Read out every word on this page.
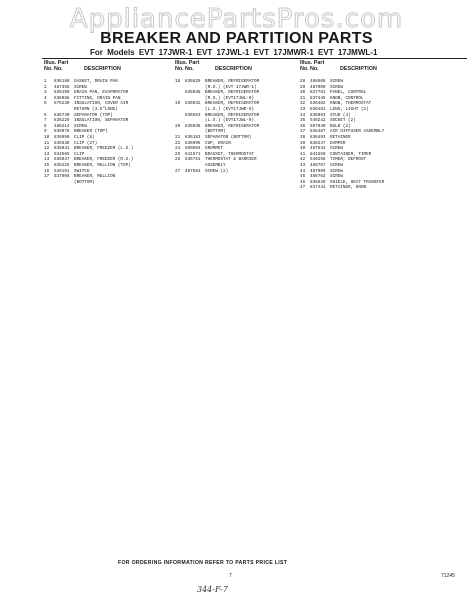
AppliancePartsPros.com
BREAKER AND PARTITION PARTS
For Models EVT 17JWR-1 EVT 17JWL-1 EVT 17JMWR-1 EVT 17JMWL-1
Illus. Part
No. No.	DESCRIPTION
1	836189	GASKET, DRAIN PAN
2	487358	SCREW
3	836199	DRAIN PAN, EVAPORATOR
4	836088	FITTING, DRAIN PAN
5	876230	INSULATION, COVER AIR
RETURN (3.5"LONG)
6	836730	SEPARATOR (TOP)
7	836229	INSULATION, SEPARATOR
8	486214	SCREW
9	836078	BREAKER (TOP)
10	836090	CLIP (8)
11	840338	CLIP (27)
12	836031	BREAKER, FREEZER (L.S.)
13	534565	CLIP
14	836037	BREAKER, FREEZER (R.S.)
15	836225	BREAKER, MULLION (TOP)
16	549191	SWITCH
17	837808	BREAKER, MULLION
(BOTTOM)
Illus. Part
No. No.	DESCRIPTION
18	836629	BREAKER, REFRIGERATOR
(R.S.) (EVT 17JWR-1)
836038	BREAKER, REFRIGERATOR
(R.S.) (EVT17JWL-0)
19	836032	BREAKER, REFRIGERATOR
(L.S.) (EVT17JWR-0)
836653	BREAKER, REFRIGERATOR
(L.S.) (EVT17JWL-0)
20	836036	BREAKER, REFRIGERATOR
(BOTTOM)
21	836183	SEPARATOR (BOTTOM)
22	836096	CUP, DRAIN
24	650994	GROMMET
25	841571	BRACKET, THERMOSTAT
26	546761	THERMOSTAT & BARRIER
ASSEMBLY
27	487584	SCREW (2)
Illus. Part
No. No.	DESCRIPTION
28	488506	SCREW
29	487909	SCREW
30	837781	PANEL, CONTROL
31	837445	KNOB, CONTROL
32	836482	KNOB, THERMOSTAT
33	836481	LENS, LIGHT (2)
34	836083	STUD (4)
35	549242	SOCKET (2)
36	567949	BULB (2)
37	836487	AIR DIFFUSER ASSEMBLY
38	836493	RETAINER
39	836247	DAMPER
40	487534	SCREW
41	841550	CONTAINER, TIMER
42	549256	TIMER, DEFROST
43	488767	SCREW
44	487909	SCREW
45	488763	SCREW
46	836649	SHIELD, HEAT TRANSFER
47	837444	RETAINER, KNOB
FOR ORDERING INFORMATION REFER TO PARTS PRICE LIST
7	71245
344-F-7
